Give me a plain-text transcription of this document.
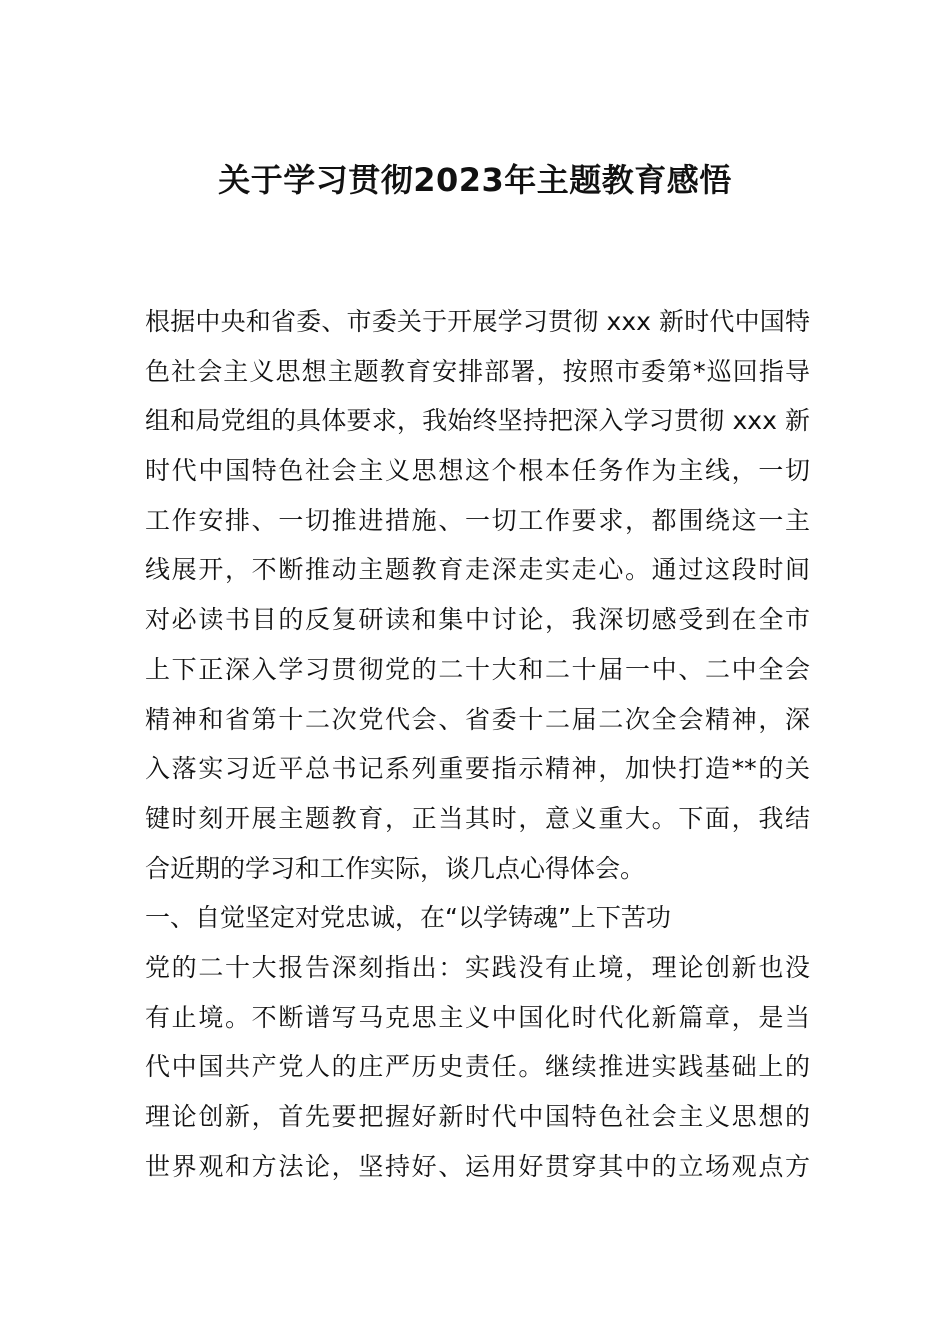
关于学习贯彻2023年主题教育感悟
根据中央和省委、市委关于开展学习贯彻 xxx 新时代中国特
色社会主义思想主题教育安排部署，按照市委第*巡回指导
组和局党组的具体要求，我始终坚持把深入学习贯彻 xxx 新
时代中国特色社会主义思想这个根本任务作为主线，一切
工作安排、一切推进措施、一切工作要求，都围绕这一主
线展开，不断推动主题教育走深走实走心。通过这段时间
对必读书目的反复研读和集中讨论，我深切感受到在全市
上下正深入学习贯彻党的二十大和二十届一中、二中全会
精神和省第十二次党代会、省委十二届二次全会精神，深
入落实习近平总书记系列重要指示精神，加快打造**的关
键时刻开展主题教育，正当其时，意义重大。下面，我结
合近期的学习和工作实际，谈几点心得体会。
一、自觉坚定对党忠诚，在“以学铸魂”上下苦功
党的二十大报告深刻指出：实践没有止境，理论创新也没
有止境。不断谱写马克思主义中国化时代化新篇章，是当
代中国共产党人的庄严历史责任。继续推进实践基础上的
理论创新，首先要把握好新时代中国特色社会主义思想的
世界观和方法论，坚持好、运用好贯穿其中的立场观点方
